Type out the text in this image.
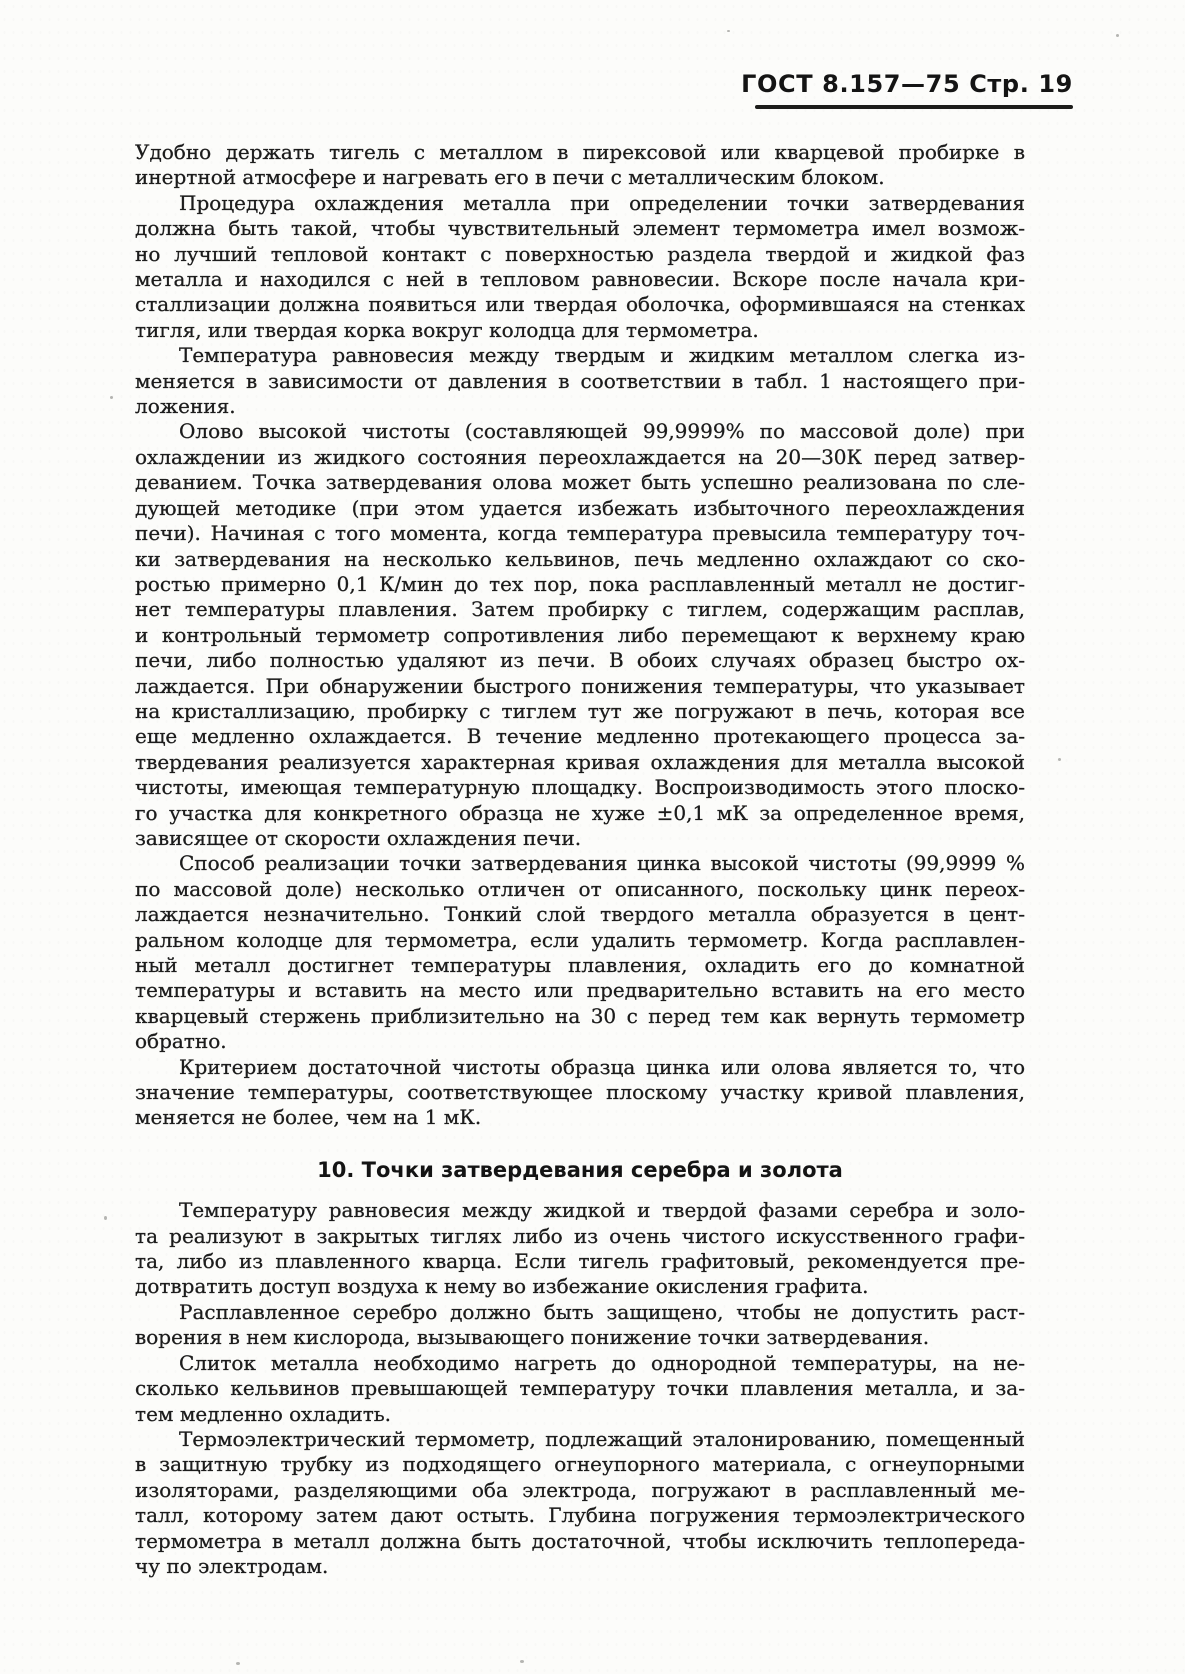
ГОСТ 8.157—75 Стр. 19
Удобно держать тигель с металлом в пирексовой или кварцевой пробирке в
инертной атмосфере и нагревать его в печи с металлическим блоком.
Процедура охлаждения металла при определении точки затвердевания
должна быть такой, чтобы чувствительный элемент термометра имел возмож-
но лучший тепловой контакт с поверхностью раздела твердой и жидкой фаз
металла и находился с ней в тепловом равновесии. Вскоре после начала кри-
сталлизации должна появиться или твердая оболочка, оформившаяся на стенках
тигля, или твердая корка вокруг колодца для термометра.
Температура равновесия между твердым и жидким металлом слегка из-
меняется в зависимости от давления в соответствии в табл. 1 настоящего при-
ложения.
Олово высокой чистоты (составляющей 99,9999% по массовой доле) при
охлаждении из жидкого состояния переохлаждается на 20—30К перед затвер-
деванием. Точка затвердевания олова может быть успешно реализована по сле-
дующей методике (при этом удается избежать избыточного переохлаждения
печи). Начиная с того момента, когда температура превысила температуру точ-
ки затвердевания на несколько кельвинов, печь медленно охлаждают со ско-
ростью примерно 0,1 К/мин до тех пор, пока расплавленный металл не достиг-
нет температуры плавления. Затем пробирку с тиглем, содержащим расплав,
и контрольный термометр сопротивления либо перемещают к верхнему краю
печи, либо полностью удаляют из печи. В обоих случаях образец быстро ох-
лаждается. При обнаружении быстрого понижения температуры, что указывает
на кристаллизацию, пробирку с тиглем тут же погружают в печь, которая все
еще медленно охлаждается. В течение медленно протекающего процесса за-
твердевания реализуется характерная кривая охлаждения для металла высокой
чистоты, имеющая температурную площадку. Воспроизводимость этого плоско-
го участка для конкретного образца не хуже ±0,1 мК за определенное время,
зависящее от скорости охлаждения печи.
Способ реализации точки затвердевания цинка высокой чистоты (99,9999 %
по массовой доле) несколько отличен от описанного, поскольку цинк переох-
лаждается незначительно. Тонкий слой твердого металла образуется в цент-
ральном колодце для термометра, если удалить термометр. Когда расплавлен-
ный металл достигнет температуры плавления, охладить его до комнатной
температуры и вставить на место или предварительно вставить на его место
кварцевый стержень приблизительно на 30 с перед тем как вернуть термометр
обратно.
Критерием достаточной чистоты образца цинка или олова является то, что
значение температуры, соответствующее плоскому участку кривой плавления,
меняется не более, чем на 1 мК.
10. Точки затвердевания серебра и золота
Температуру равновесия между жидкой и твердой фазами серебра и золо-
та реализуют в закрытых тиглях либо из очень чистого искусственного графи-
та, либо из плавленного кварца. Если тигель графитовый, рекомендуется пре-
дотвратить доступ воздуха к нему во избежание окисления графита.
Расплавленное серебро должно быть защищено, чтобы не допустить раст-
ворения в нем кислорода, вызывающего понижение точки затвердевания.
Слиток металла необходимо нагреть до однородной температуры, на не-
сколько кельвинов превышающей температуру точки плавления металла, и за-
тем медленно охладить.
Термоэлектрический термометр, подлежащий эталонированию, помещенный
в защитную трубку из подходящего огнеупорного материала, с огнеупорными
изоляторами, разделяющими оба электрода, погружают в расплавленный ме-
талл, которому затем дают остыть. Глубина погружения термоэлектрического
термометра в металл должна быть достаточной, чтобы исключить теплопереда-
чу по электродам.
